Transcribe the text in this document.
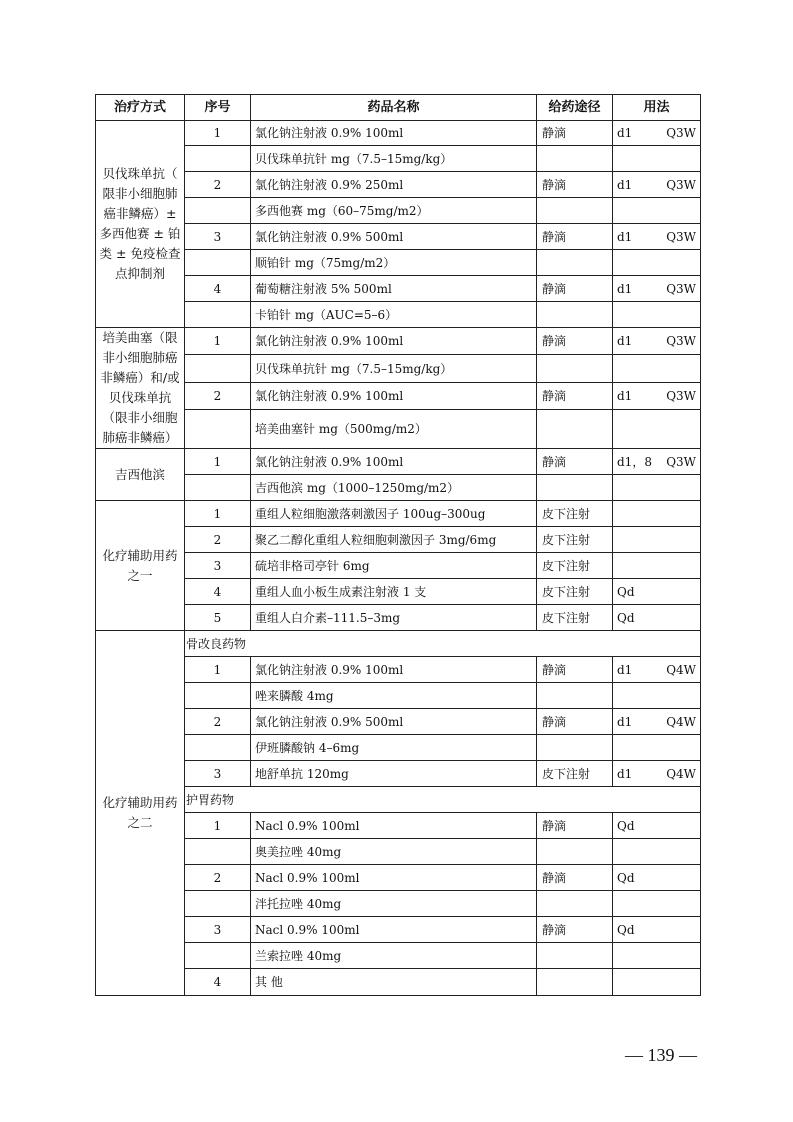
治疗方式	序号	药品名称	给药途径	用法
贝伐珠单抗（ 限非小细胞肺癌非鳞癌）± 多西他赛 ± 铂类 ± 免疫检查点抑制剂	1	氯化钠注射液 0.9% 100ml	静滴	d1 Q3W

		贝伐珠单抗针 mg（7.5–15mg/kg）		

	2	氯化钠注射液 0.9% 250ml	静滴	d1 Q3W

		多西他赛 mg（60–75mg/m2）		

	3	氯化钠注射液 0.9% 500ml	静滴	d1 Q3W

		顺铂针 mg（75mg/m2）		

	4	葡萄糖注射液 5% 500ml	静滴	d1 Q3W

		卡铂针 mg（AUC=5–6）		

培美曲塞（限非小细胞肺癌非鳞癌）和/或贝伐珠单抗（限非小细胞肺癌非鳞癌）	1	氯化钠注射液 0.9% 100ml	静滴	d1 Q3W

		贝伐珠单抗针 mg（7.5–15mg/kg）		

	2	氯化钠注射液 0.9% 100ml	静滴	d1 Q3W

		培美曲塞针 mg（500mg/m2）		

吉西他滨	1	氯化钠注射液 0.9% 100ml	静滴	d1，8 Q3W

		吉西他滨 mg（1000–1250mg/m2）		

化疗辅助用药之一	1	重组人粒细胞激落刺激因子 100ug–300ug	皮下注射	

	2	聚乙二醇化重组人粒细胞刺激因子 3mg/6mg	皮下注射	

	3	硫培非格司亭针 6mg	皮下注射	

	4	重组人血小板生成素注射液 1 支	皮下注射	Qd

	5	重组人白介素–111.5–3mg	皮下注射	Qd

化疗辅助用药之二	骨改良药物			
	1	氯化钠注射液 0.9% 100ml	静滴	d1 Q4W

		唑来膦酸 4mg		

	2	氯化钠注射液 0.9% 500ml	静滴	d1 Q4W

		伊班膦酸钠 4–6mg		

	3	地舒单抗 120mg	皮下注射	d1 Q4W

	护胃药物			
	1	Nacl 0.9% 100ml	静滴	Qd

		奥美拉唑 40mg		

	2	Nacl 0.9% 100ml	静滴	Qd

		泮托拉唑 40mg		

	3	Nacl 0.9% 100ml	静滴	Qd

		兰索拉唑 40mg		

	4	其 他		
— 139 —
